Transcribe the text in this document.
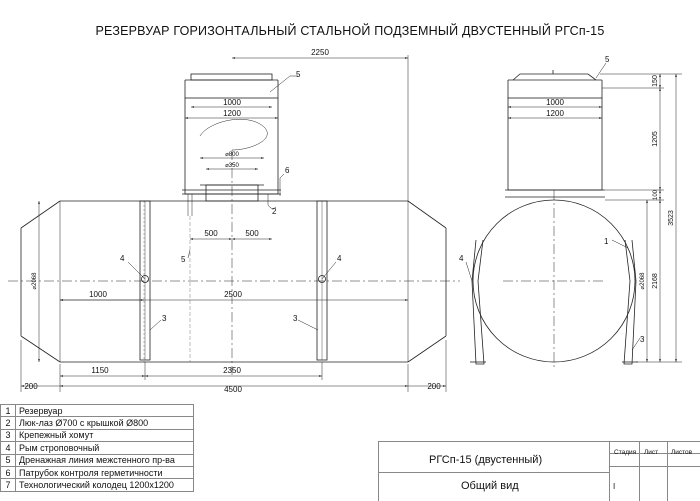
РЕЗЕРВУАР ГОРИЗОНТАЛЬНЫЙ СТАЛЬНОЙ ПОДЗЕМНЫЙ ДВУСТЕННЫЙ РГСп-15
2250
1000
1200
⌀800
⌀350
500	500
1000	2500
⌀2068
1150	2350
4500
200	200
1000
1200
150
1205
100
3523
⌀2068 2168
5
6
2
4	4
5
3	3
5
1
4
3
1	Резервуар
2	Люк-лаз Ø700 с крышкой Ø800
3	Крепежный хомут
4	Рым строповочный
5	Дренажная линия межстенного пр-ва
6	Патрубок контроля герметичности
7	Технологический колодец 1200х1200
Стадия Лист Листов
РГСп-15 (двустенный)
Общий вид	I
